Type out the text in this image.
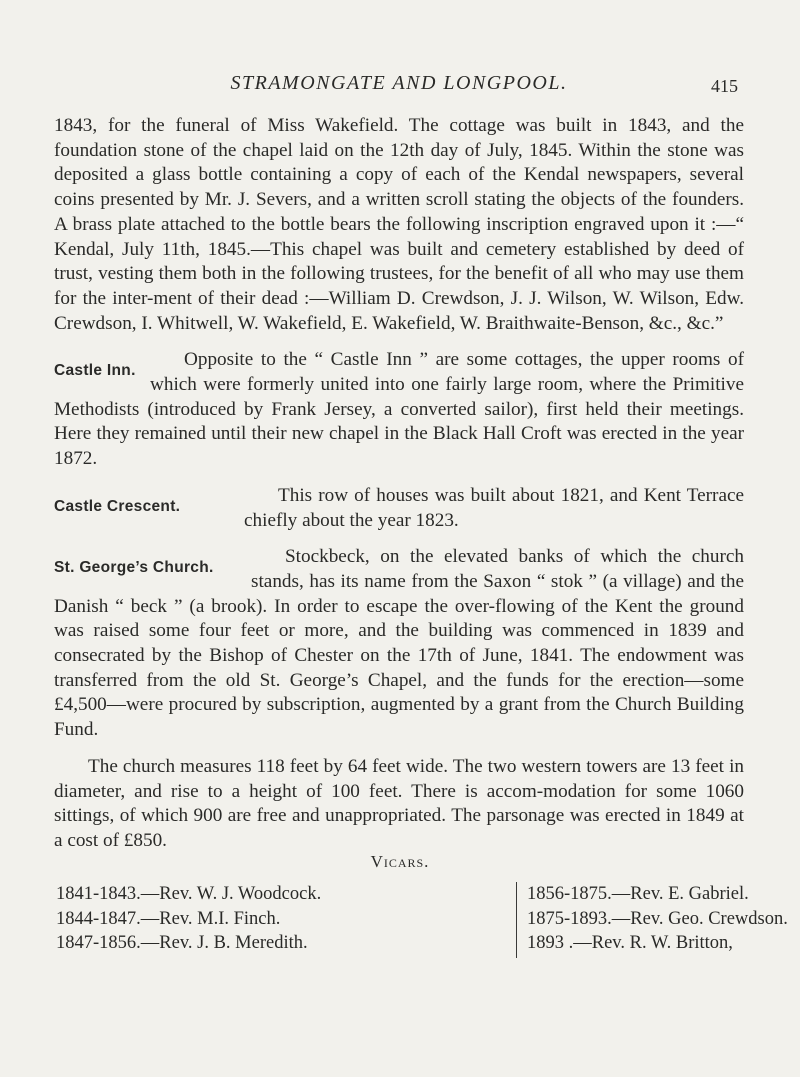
STRAMONGATE AND LONGPOOL.	415

1843, for the funeral of Miss Wakefield. The cottage was built in 1843, and the foundation stone of the chapel laid on the 12th day of July, 1845. Within the stone was deposited a glass bottle containing a copy of each of the Kendal newspapers, several coins presented by Mr. J. Severs, and a written scroll stating the objects of the founders. A brass plate attached to the bottle bears the following inscription engraved upon it :—“ Kendal, July 11th, 1845.—This chapel was built and cemetery established by deed of trust, vesting them both in the following trustees, for the benefit of all who may use them for the inter-ment of their dead :—William D. Crewdson, J. J. Wilson, W. Wilson, Edw. Crewdson, I. Whitwell, W. Wakefield, E. Wakefield, W. Braithwaite-Benson, &c., &c.”

Castle Inn.

Opposite to the “ Castle Inn ” are some cottages, the upper rooms of which were formerly united into one fairly large room, where the Primitive Methodists (introduced by Frank Jersey, a converted sailor), first held their meetings. Here they remained until their new chapel in the Black Hall Croft was erected in the year 1872.

Castle Crescent.

This row of houses was built about 1821, and Kent Terrace chiefly about the year 1823.

St. George’s Church.

Stockbeck, on the elevated banks of which the church stands, has its name from the Saxon “ stok ” (a village) and the Danish “ beck ” (a brook). In order to escape the over-flowing of the Kent the ground was raised some four feet or more, and the building was commenced in 1839 and consecrated by the Bishop of Chester on the 17th of June, 1841. The endowment was transferred from the old St. George’s Chapel, and the funds for the erection—some £4,500—were procured by subscription, augmented by a grant from the Church Building Fund.

The church measures 118 feet by 64 feet wide. The two western towers are 13 feet in diameter, and rise to a height of 100 feet. There is accom-modation for some 1060 sittings, of which 900 are free and unappropriated. The parsonage was erected in 1849 at a cost of £850.

Vicars.
1841-1843.—Rev. W. J. Woodcock.
1844-1847.—Rev. M.I. Finch.
1847-1856.—Rev. J. B. Meredith.
1856-1875.—Rev. E. Gabriel.
1875-1893.—Rev. Geo. Crewdson.
1893 .—Rev. R. W. Britton,
